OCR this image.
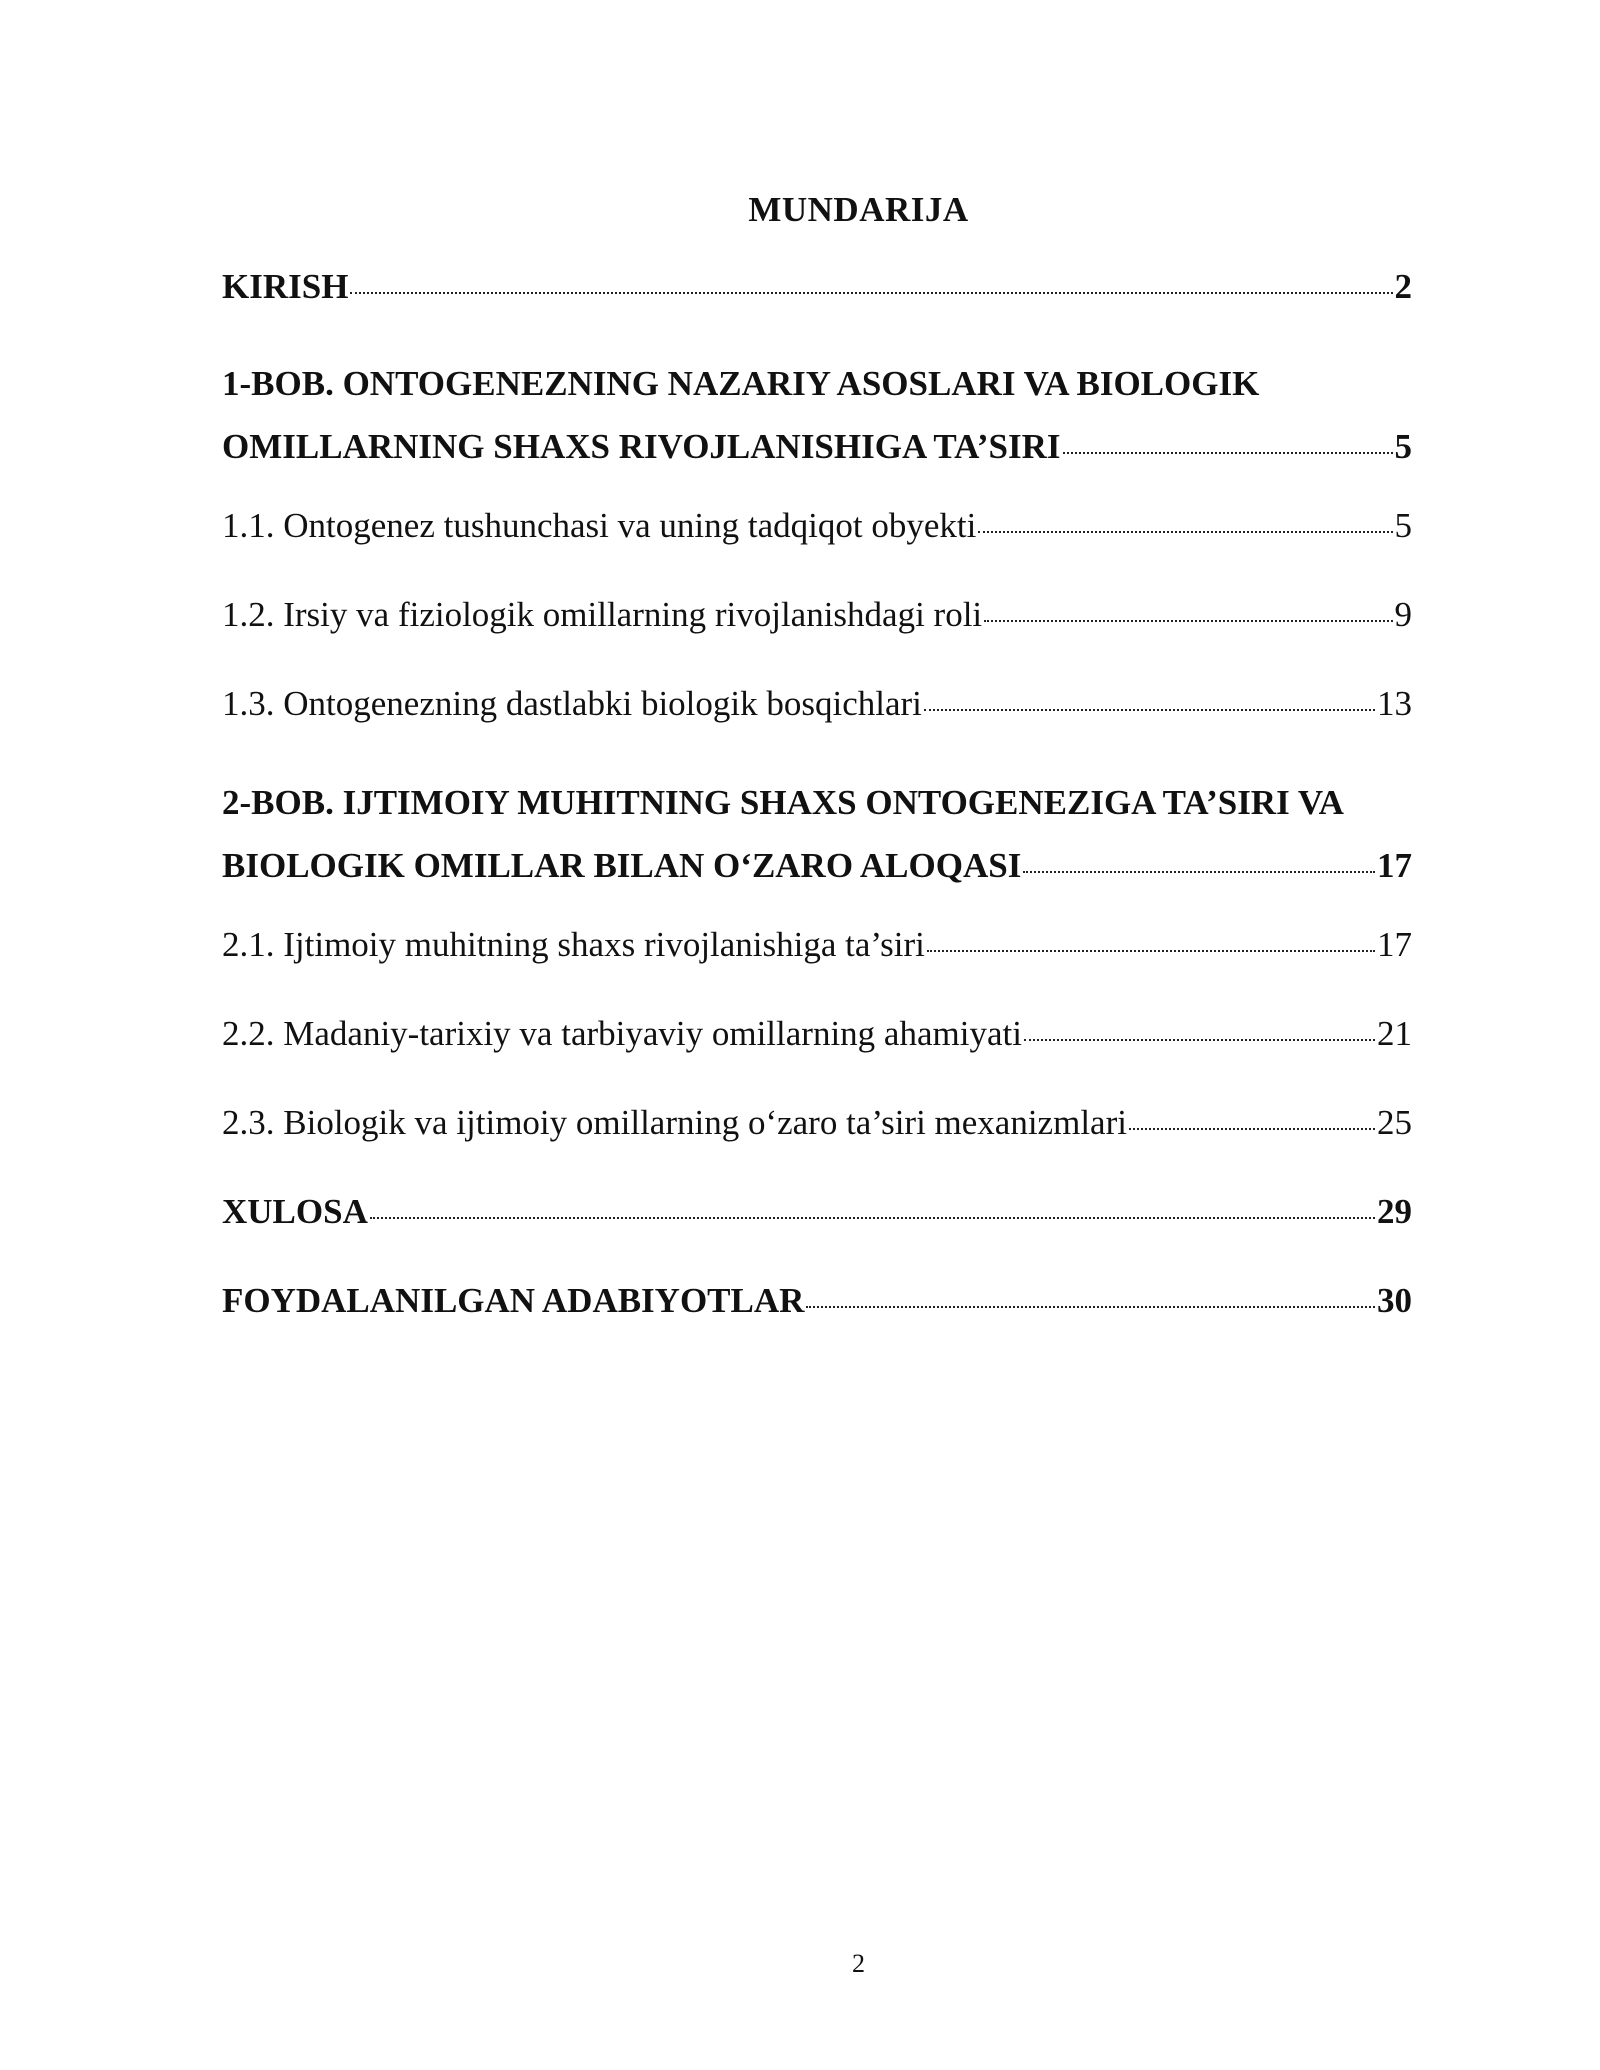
MUNDARIJA
KIRISH	2
1-BOB. ONTOGENEZNING NAZARIY ASOSLARI VA BIOLOGIK
OMILLARNING SHAXS RIVOJLANISHIGA TA’SIRI	5
1.1. Ontogenez tushunchasi va uning tadqiqot obyekti	5
1.2. Irsiy va fiziologik omillarning rivojlanishdagi roli	9
1.3. Ontogenezning dastlabki biologik bosqichlari	13
2-BOB. IJTIMOIY MUHITNING SHAXS ONTOGENEZIGA TA’SIRI VA
BIOLOGIK OMILLAR BILAN O‘ZARO ALOQASI	17
2.1. Ijtimoiy muhitning shaxs rivojlanishiga ta’siri	17
2.2. Madaniy-tarixiy va tarbiyaviy omillarning ahamiyati	21
2.3. Biologik va ijtimoiy omillarning o‘zaro ta’siri mexanizmlari	25
XULOSA	29
FOYDALANILGAN ADABIYOTLAR	30
2
